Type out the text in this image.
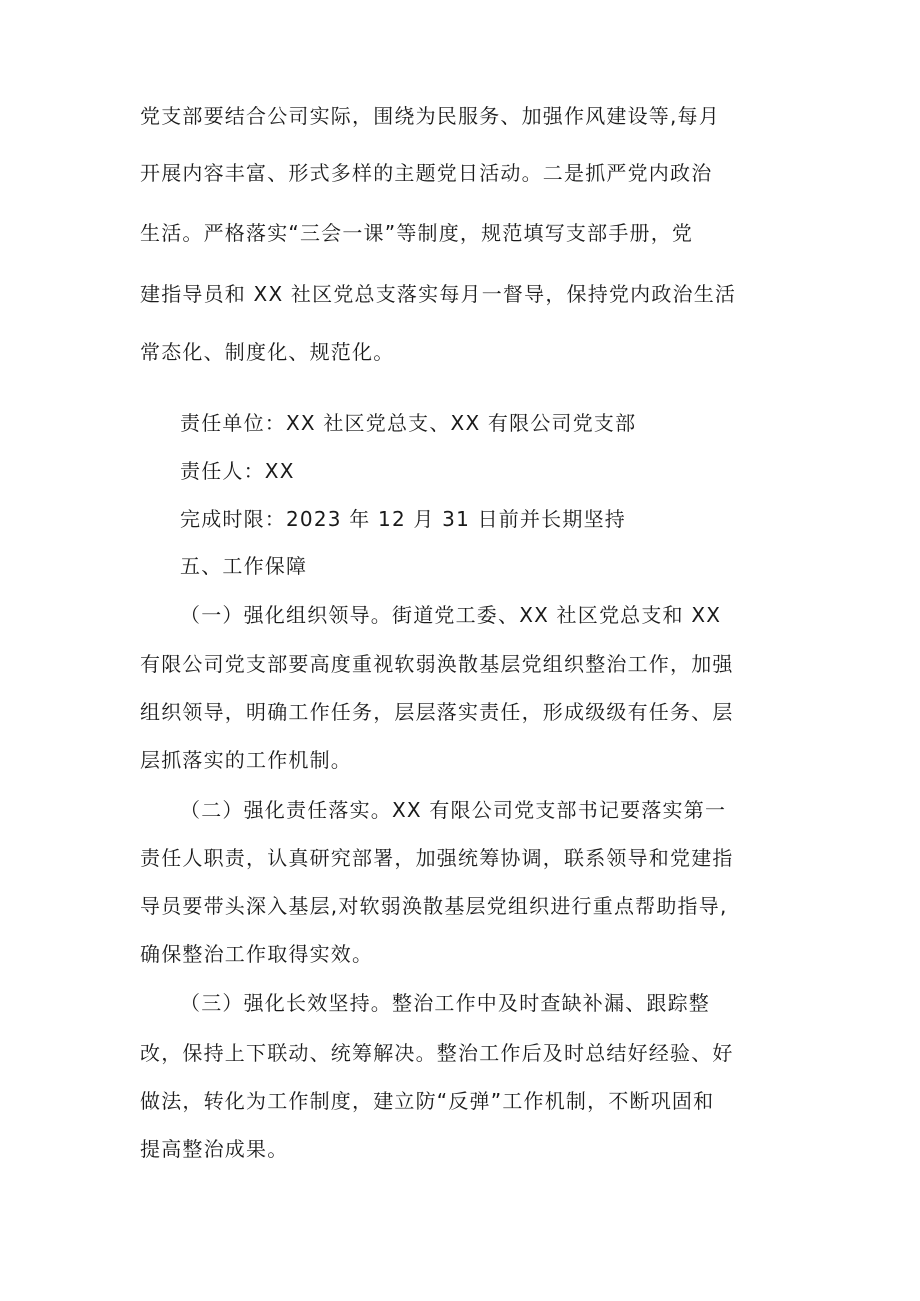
党支部要结合公司实际，围绕为民服务、加强作风建设等,每月
开展内容丰富、形式多样的主题党日活动。二是抓严党内政治
生活。严格落实“三会一课”等制度，规范填写支部手册，党
建指导员和 XX 社区党总支落实每月一督导，保持党内政治生活
常态化、制度化、规范化。
责任单位：XX 社区党总支、XX 有限公司党支部
责任人：XX
完成时限：2023 年 12 月 31 日前并长期坚持
五、工作保障
（一）强化组织领导。街道党工委、XX 社区党总支和 XX
有限公司党支部要高度重视软弱涣散基层党组织整治工作，加强
组织领导，明确工作任务，层层落实责任，形成级级有任务、层
层抓落实的工作机制。
（二）强化责任落实。XX 有限公司党支部书记要落实第一
责任人职责，认真研究部署，加强统筹协调，联系领导和党建指
导员要带头深入基层,对软弱涣散基层党组织进行重点帮助指导,
确保整治工作取得实效。
（三）强化长效坚持。整治工作中及时查缺补漏、跟踪整
改，保持上下联动、统筹解决。整治工作后及时总结好经验、好
做法，转化为工作制度，建立防“反弹”工作机制，不断巩固和
提高整治成果。
